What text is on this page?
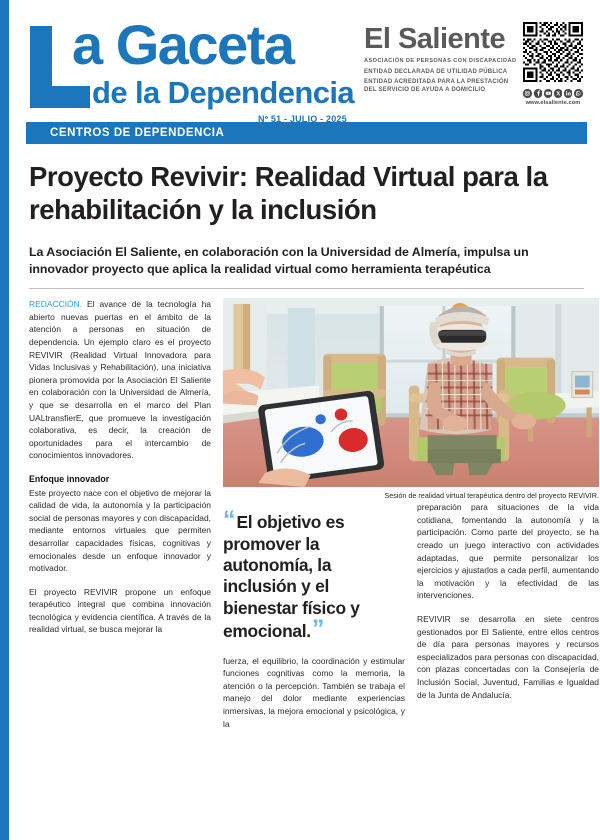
a Gaceta
de la Dependencia
Nº 51 - JULIO - 2025
El Saliente
ASOCIACIÓN DE PERSONAS CON DISCAPACIDAD
ENTIDAD DECLARADA DE UTILIDAD PÚBLICA
ENTIDAD ACREDITADA PARA LA PRESTACIÓN
DEL SERVICIO DE AYUDA A DOMICILIO
www.elsaliente.com
CENTROS DE DEPENDENCIA
Proyecto Revivir: Realidad Virtual para la rehabilitación y la inclusión
La Asociación El Saliente, en colaboración con la Universidad de Almería, impulsa un innovador proyecto que aplica la realidad virtual como herramienta terapéutica

REDACCIÓN. El avance de la tecnología ha abierto nuevas puertas en el ámbito de la atención a personas en situación de dependencia. Un ejemplo claro es el proyecto REVIVIR (Realidad Virtual Innovadora para Vidas Inclusivas y Rehabilitación), una iniciativa pionera promovida por la Asociación El Saliente en colaboración con la Universidad de Almería, y que se desarrolla en el marco del Plan UALtransfierE, que promueve la investigación colaborativa, es decir, la creación de oportunidades para el intercambio de conocimientos innovadores.

Enfoque innovador

Este proyecto nace con el objetivo de mejorar la calidad de vida, la autonomía y la participación social de personas mayores y con discapacidad, mediante entornos virtuales que permiten desarrollar capacidades físicas, cognitivas y emocionales desde un enfoque innovador y motivador.

El proyecto REVIVIR propone un enfoque terapéutico integral que combina innovación tecnológica y evidencia científica. A través de la realidad virtual, se busca mejorar la

Sesión de realidad virtual terapéutica dentro del proyecto REVIVIR.
“ El objetivo es promover la autonomía, la inclusión y el bienestar físico y emocional.”

fuerza, el equilibrio, la coordinación y estimular funciones cognitivas como la memoria, la atención o la percepción. También se trabaja el manejo del dolor mediante experiencias inmersivas, la mejora emocional y psicológica, y la

preparación para situaciones de la vida cotidiana, fomentando la autonomía y la participación. Como parte del proyecto, se ha creado un juego interactivo con actividades adaptadas, que permite personalizar los ejercicios y ajustarlos a cada perfil, aumentando la motivación y la efectividad de las intervenciones.

REVIVIR se desarrolla en siete centros gestionados por El Saliente, entre ellos centros de día para personas mayores y recursos especializados para personas con discapacidad, con plazas concertadas con la Consejería de Inclusión Social, Juventud, Familias e Igualdad de la Junta de Andalucía.
